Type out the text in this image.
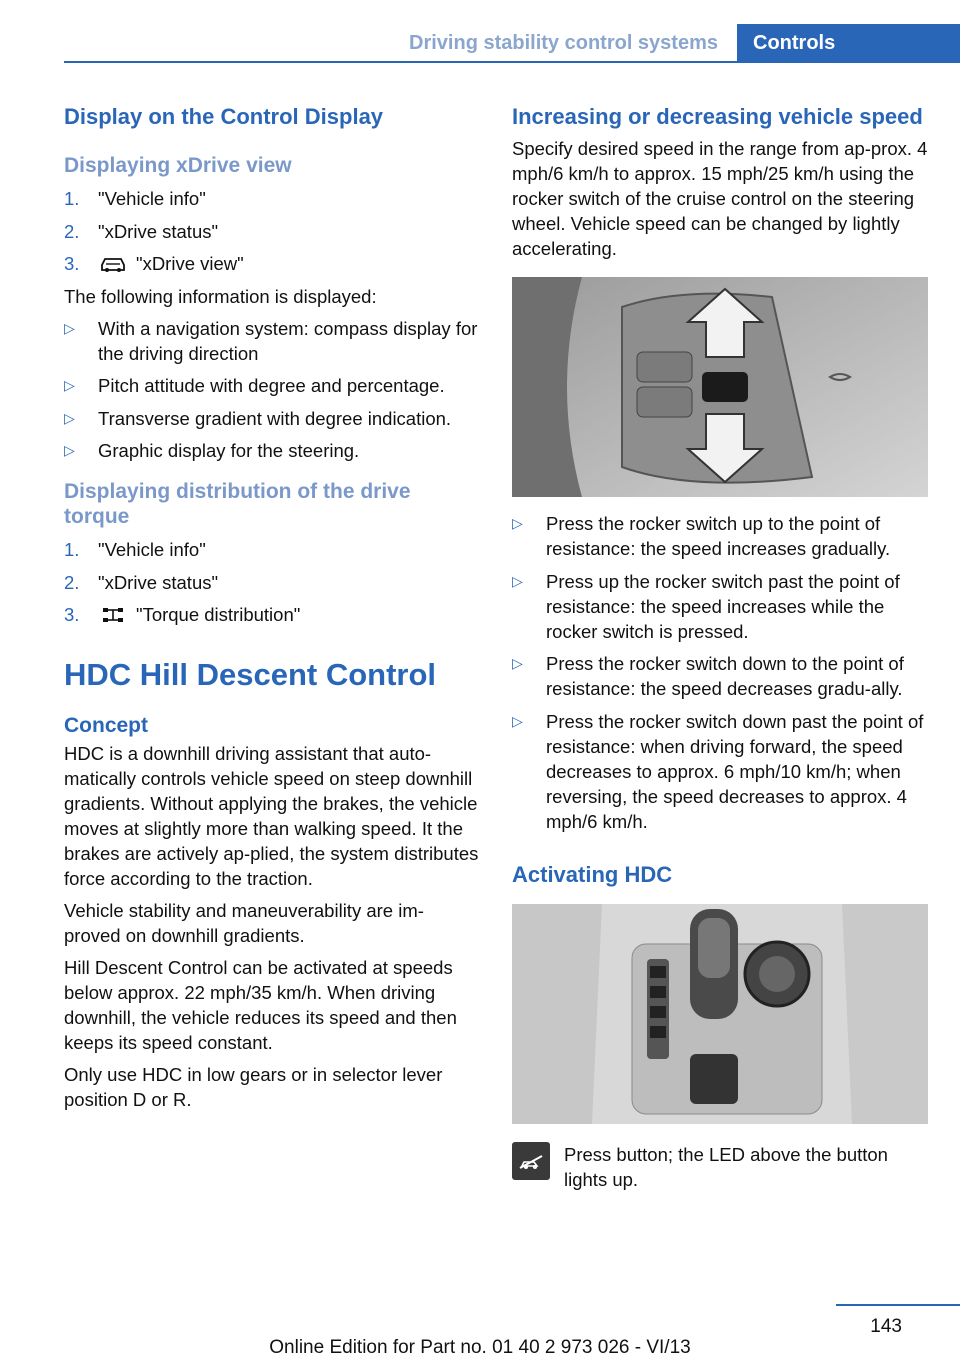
Driving stability control systems	Controls
Display on the Control Display
Displaying xDrive view
1.	"Vehicle info"
2.	"xDrive status"
3.	"xDrive view"

The following information is displayed:

▷	With a navigation system: compass display for the driving direction
▷	Pitch attitude with degree and percentage.
▷	Transverse gradient with degree indication.
▷	Graphic display for the steering.
Displaying distribution of the drive torque
1.	"Vehicle info"
2.	"xDrive status"
3.	"Torque distribution"
HDC Hill Descent Control
Concept

HDC is a downhill driving assistant that auto‐matically controls vehicle speed on steep downhill gradients. Without applying the brakes, the vehicle moves at slightly more than walking speed. It the brakes are actively ap‐plied, the system distributes force according to the traction.

Vehicle stability and maneuverability are im‐proved on downhill gradients.

Hill Descent Control can be activated at speeds below approx. 22 mph/35 km/h. When driving downhill, the vehicle reduces its speed and then keeps its speed constant.

Only use HDC in low gears or in selector lever position D or R.

Increasing or decreasing vehicle speed

Specify desired speed in the range from ap‐prox. 4 mph/6 km/h to approx. 15 mph/25 km/h using the rocker switch of the cruise control on the steering wheel. Vehicle speed can be changed by lightly accelerating.

▷	Press the rocker switch up to the point of resistance: the speed increases gradually.
▷	Press up the rocker switch past the point of resistance: the speed increases while the rocker switch is pressed.
▷	Press the rocker switch down to the point of resistance: the speed decreases gradu‐ally.
▷	Press the rocker switch down past the point of resistance: when driving forward, the speed decreases to approx. 6 mph/10 km/h; when reversing, the speed decreases to approx. 4 mph/6 km/h.
Activating HDC

Press button; the LED above the button lights up.

143
Online Edition for Part no. 01 40 2 973 026 - VI/13
